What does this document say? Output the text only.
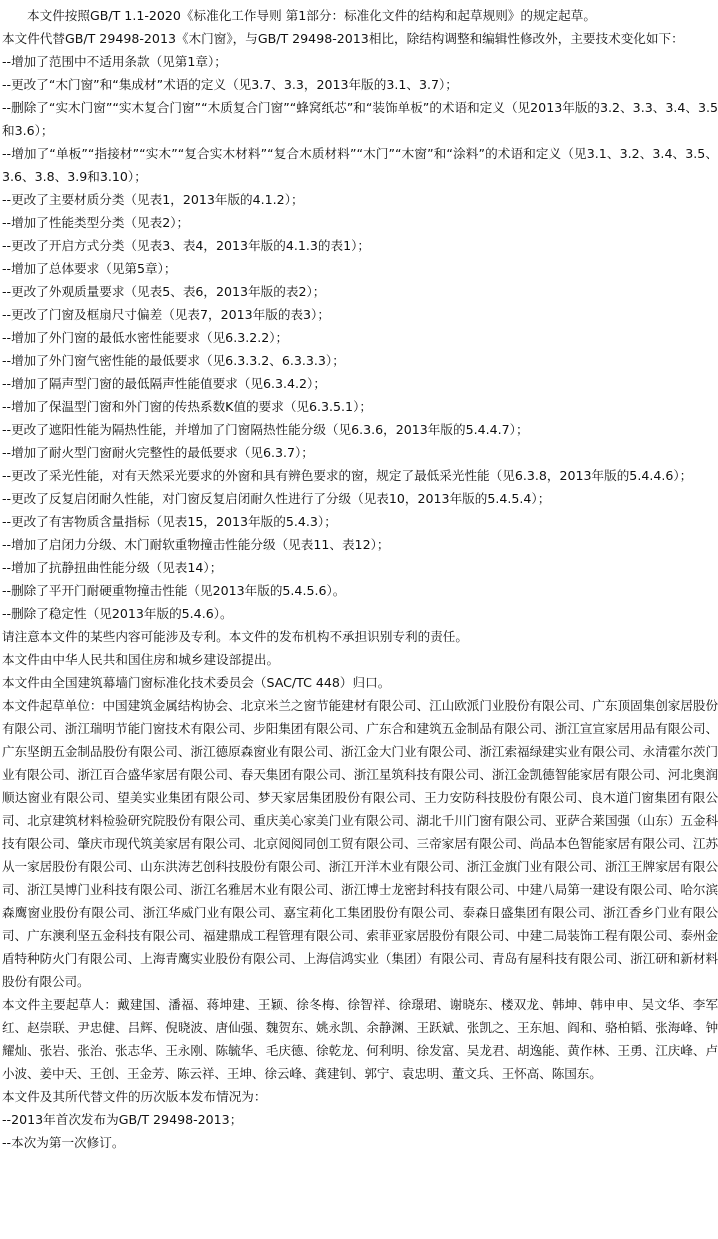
本文件按照GB/T 1.1-2020《标准化工作导则 第1部分：标准化文件的结构和起草规则》的规定起草。

本文件代替GB/T 29498-2013《木门窗》，与GB/T 29498-2013相比，除结构调整和编辑性修改外，主要技术变化如下：

--增加了范围中不适用条款（见第1章）；

--更改了“木门窗”和“集成材”术语的定义（见3.7、3.3，2013年版的3.1、3.7）；

--删除了“实木门窗”“实木复合门窗”“木质复合门窗”“蜂窝纸芯”和“装饰单板”的术语和定义（见2013年版的3.2、3.3、3.4、3.5和3.6）；

--增加了“单板”“指接材”“实木”“复合实木材料”“复合木质材料”“木门”“木窗”和“涂料”的术语和定义（见3.1、3.2、3.4、3.5、3.6、3.8、3.9和3.10）；

--更改了主要材质分类（见表1，2013年版的4.1.2）；

--增加了性能类型分类（见表2）；

--更改了开启方式分类（见表3、表4，2013年版的4.1.3的表1）；

--增加了总体要求（见第5章）；

--更改了外观质量要求（见表5、表6，2013年版的表2）；

--更改了门窗及框扇尺寸偏差（见表7，2013年版的表3）；

--增加了外门窗的最低水密性能要求（见6.3.2.2）；

--增加了外门窗气密性能的最低要求（见6.3.3.2、6.3.3.3）；

--增加了隔声型门窗的最低隔声性能值要求（见6.3.4.2）；

--增加了保温型门窗和外门窗的传热系数K值的要求（见6.3.5.1）；

--更改了遮阳性能为隔热性能，并增加了门窗隔热性能分级（见6.3.6，2013年版的5.4.4.7）；

--增加了耐火型门窗耐火完整性的最低要求（见6.3.7）；

--更改了采光性能，对有天然采光要求的外窗和具有辨色要求的窗，规定了最低采光性能（见6.3.8，2013年版的5.4.4.6）；

--更改了反复启闭耐久性能，对门窗反复启闭耐久性进行了分级（见表10，2013年版的5.4.5.4）；

--更改了有害物质含量指标（见表15，2013年版的5.4.3）；

--增加了启闭力分级、木门耐软重物撞击性能分级（见表11、表12）；

--增加了抗静扭曲性能分级（见表14）；

--删除了平开门耐硬重物撞击性能（见2013年版的5.4.5.6）。

--删除了稳定性（见2013年版的5.4.6）。

请注意本文件的某些内容可能涉及专利。本文件的发布机构不承担识别专利的责任。

本文件由中华人民共和国住房和城乡建设部提出。

本文件由全国建筑幕墙门窗标准化技术委员会（SAC/TC 448）归口。

本文件起草单位：中国建筑金属结构协会、北京米兰之窗节能建材有限公司、江山欧派门业股份有限公司、广东顶固集创家居股份有限公司、浙江瑞明节能门窗技术有限公司、步阳集团有限公司、广东合和建筑五金制品有限公司、浙江宣宣家居用品有限公司、广东坚朗五金制品股份有限公司、浙江德原森窗业有限公司、浙江金大门业有限公司、浙江索福绿建实业有限公司、永清霍尔茨门业有限公司、浙江百合盛华家居有限公司、春天集团有限公司、浙江星筑科技有限公司、浙江金凯德智能家居有限公司、河北奥润顺达窗业有限公司、望美实业集团有限公司、梦天家居集团股份有限公司、王力安防科技股份有限公司、良木道门窗集团有限公司、北京建筑材料检验研究院股份有限公司、重庆美心家美门业有限公司、湖北千川门窗有限公司、亚萨合莱国强（山东）五金科技有限公司、肇庆市现代筑美家居有限公司、北京阅阅同创工贸有限公司、三帝家居有限公司、尚品本色智能家居有限公司、江苏从一家居股份有限公司、山东洪涛艺创科技股份有限公司、浙江开洋木业有限公司、浙江金旗门业有限公司、浙江王牌家居有限公司、浙江昊博门业科技有限公司、浙江名雅居木业有限公司、浙江博士龙密封科技有限公司、中建八局第一建设有限公司、哈尔滨森鹰窗业股份有限公司、浙江华威门业有限公司、嘉宝莉化工集团股份有限公司、泰森日盛集团有限公司、浙江香乡门业有限公司、广东澳利坚五金科技有限公司、福建鼎成工程管理有限公司、索菲亚家居股份有限公司、中建二局装饰工程有限公司、泰州金盾特种防火门有限公司、上海青鹰实业股份有限公司、上海信鸿实业（集团）有限公司、青岛有屋科技有限公司、浙江研和新材料股份有限公司。

本文件主要起草人：戴建国、潘福、蒋坤建、王颖、徐冬梅、徐智祥、徐璟珺、谢晓东、楼双龙、韩坤、韩申申、吴文华、李军红、赵崇联、尹忠健、吕辉、倪晓波、唐仙强、魏贺东、姚永凯、余静渊、王跃斌、张凯之、王东旭、阎和、骆柏韬、张海峰、钟耀灿、张岩、张治、张志华、王永刚、陈毓华、毛庆德、徐乾龙、何利明、徐发富、吴龙君、胡逸能、黄作林、王勇、江庆峰、卢小波、姜中天、王创、王金芳、陈云祥、王坤、徐云峰、龚建钊、郭宁、袁忠明、董文兵、王怀高、陈国东。

本文件及其所代替文件的历次版本发布情况为：

--2013年首次发布为GB/T 29498-2013；

--本次为第一次修订。
